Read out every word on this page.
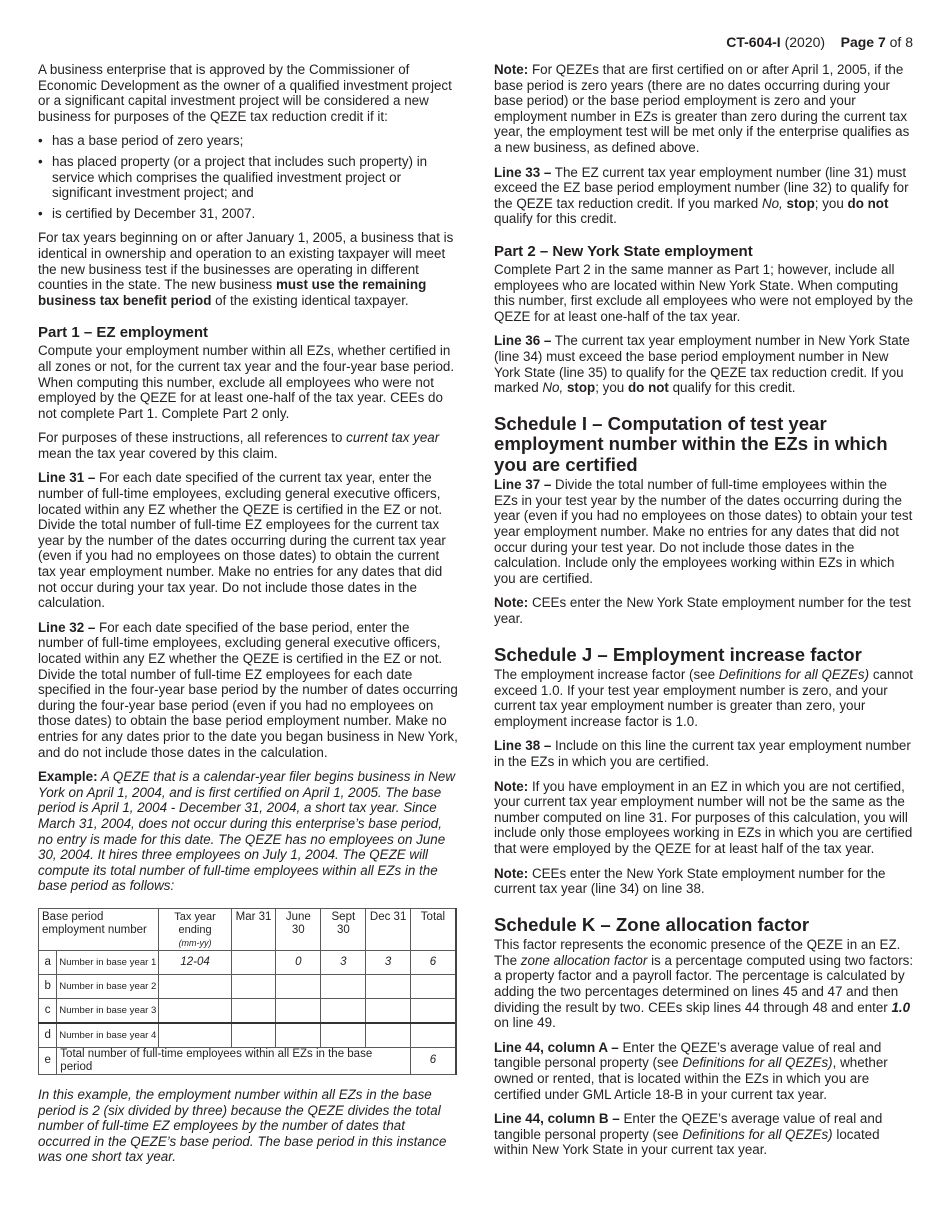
CT-604-I (2020) Page 7 of 8

A business enterprise that is approved by the Commissioner of Economic Development as the owner of a qualified investment project or a significant capital investment project will be considered a new business for purposes of the QEZE tax reduction credit if it:

• has a base period of zero years;
• has placed property (or a project that includes such property) in service which comprises the qualified investment project or significant investment project; and
• is certified by December 31, 2007.

For tax years beginning on or after January 1, 2005, a business that is identical in ownership and operation to an existing taxpayer will meet the new business test if the businesses are operating in different counties in the state. The new business must use the remaining business tax benefit period of the existing identical taxpayer.

Part 1 – EZ employment

Compute your employment number within all EZs, whether certified in all zones or not, for the current tax year and the four-year base period. When computing this number, exclude all employees who were not employed by the QEZE for at least one-half of the tax year. CEEs do not complete Part 1. Complete Part 2 only.

For purposes of these instructions, all references to current tax year mean the tax year covered by this claim.

Line 31 – For each date specified of the current tax year, enter the number of full-time employees, excluding general executive officers, located within any EZ whether the QEZE is certified in the EZ or not. Divide the total number of full-time EZ employees for the current tax year by the number of the dates occurring during the current tax year (even if you had no employees on those dates) to obtain the current tax year employment number. Make no entries for any dates that did not occur during your tax year. Do not include those dates in the calculation.

Line 32 – For each date specified of the base period, enter the number of full-time employees, excluding general executive officers, located within any EZ whether the QEZE is certified in the EZ or not. Divide the total number of full-time EZ employees for each date specified in the four-year base period by the number of dates occurring during the four-year base period (even if you had no employees on those dates) to obtain the base period employment number. Make no entries for any dates prior to the date you began business in New York, and do not include those dates in the calculation.

Example: A QEZE that is a calendar-year filer begins business in New York on April 1, 2004, and is first certified on April 1, 2005. The base period is April 1, 2004 - December 31, 2004, a short tax year. Since March 31, 2004, does not occur during this enterprise’s base period, no entry is made for this date. The QEZE has no employees on June 30, 2004. It hires three employees on July 1, 2004. The QEZE will compute its total number of full-time employees within all EZs in the base period as follows:

Base period employment number		Tax year ending
(mm-yy)	Mar 31	June 30	Sept 30	Dec 31	Total
a	Number in base year 1	12-04		0	3	3	6
b	Number in base year 2						
c	Number in base year 3						
d	Number in base year 4						
e	Total number of full-time employees within all EZs in the base period						6

In this example, the employment number within all EZs in the base period is 2 (six divided by three) because the QEZE divides the total number of full-time EZ employees by the number of dates that occurred in the QEZE’s base period. The base period in this instance was one short tax year.

Note: For QEZEs that are first certified on or after April 1, 2005, if the base period is zero years (there are no dates occurring during your base period) or the base period employment is zero and your employment number in EZs is greater than zero during the current tax year, the employment test will be met only if the enterprise qualifies as a new business, as defined above.

Line 33 – The EZ current tax year employment number (line 31) must exceed the EZ base period employment number (line 32) to qualify for the QEZE tax reduction credit. If you marked No, stop; you do not qualify for this credit.

Part 2 – New York State employment

Complete Part 2 in the same manner as Part 1; however, include all employees who are located within New York State. When computing this number, first exclude all employees who were not employed by the QEZE for at least one-half of the tax year.

Line 36 – The current tax year employment number in New York State (line 34) must exceed the base period employment number in New York State (line 35) to qualify for the QEZE tax reduction credit. If you marked No, stop; you do not qualify for this credit.

Schedule I – Computation of test year employment number within the EZs in which you are certified

Line 37 – Divide the total number of full-time employees within the EZs in your test year by the number of the dates occurring during the year (even if you had no employees on those dates) to obtain your test year employment number. Make no entries for any dates that did not occur during your test year. Do not include those dates in the calculation. Include only the employees working within EZs in which you are certified.

Note: CEEs enter the New York State employment number for the test year.

Schedule J – Employment increase factor

The employment increase factor (see Definitions for all QEZEs) cannot exceed 1.0. If your test year employment number is zero, and your current tax year employment number is greater than zero, your employment increase factor is 1.0.

Line 38 – Include on this line the current tax year employment number in the EZs in which you are certified.

Note: If you have employment in an EZ in which you are not certified, your current tax year employment number will not be the same as the number computed on line 31. For purposes of this calculation, you will include only those employees working in EZs in which you are certified that were employed by the QEZE for at least half of the tax year.

Note: CEEs enter the New York State employment number for the current tax year (line 34) on line 38.

Schedule K – Zone allocation factor

This factor represents the economic presence of the QEZE in an EZ. The zone allocation factor is a percentage computed using two factors: a property factor and a payroll factor. The percentage is calculated by adding the two percentages determined on lines 45 and 47 and then dividing the result by two. CEEs skip lines 44 through 48 and enter 1.0 on line 49.

Line 44, column A – Enter the QEZE’s average value of real and tangible personal property (see Definitions for all QEZEs), whether owned or rented, that is located within the EZs in which you are certified under GML Article 18-B in your current tax year.

Line 44, column B – Enter the QEZE’s average value of real and tangible personal property (see Definitions for all QEZEs) located within New York State in your current tax year.
